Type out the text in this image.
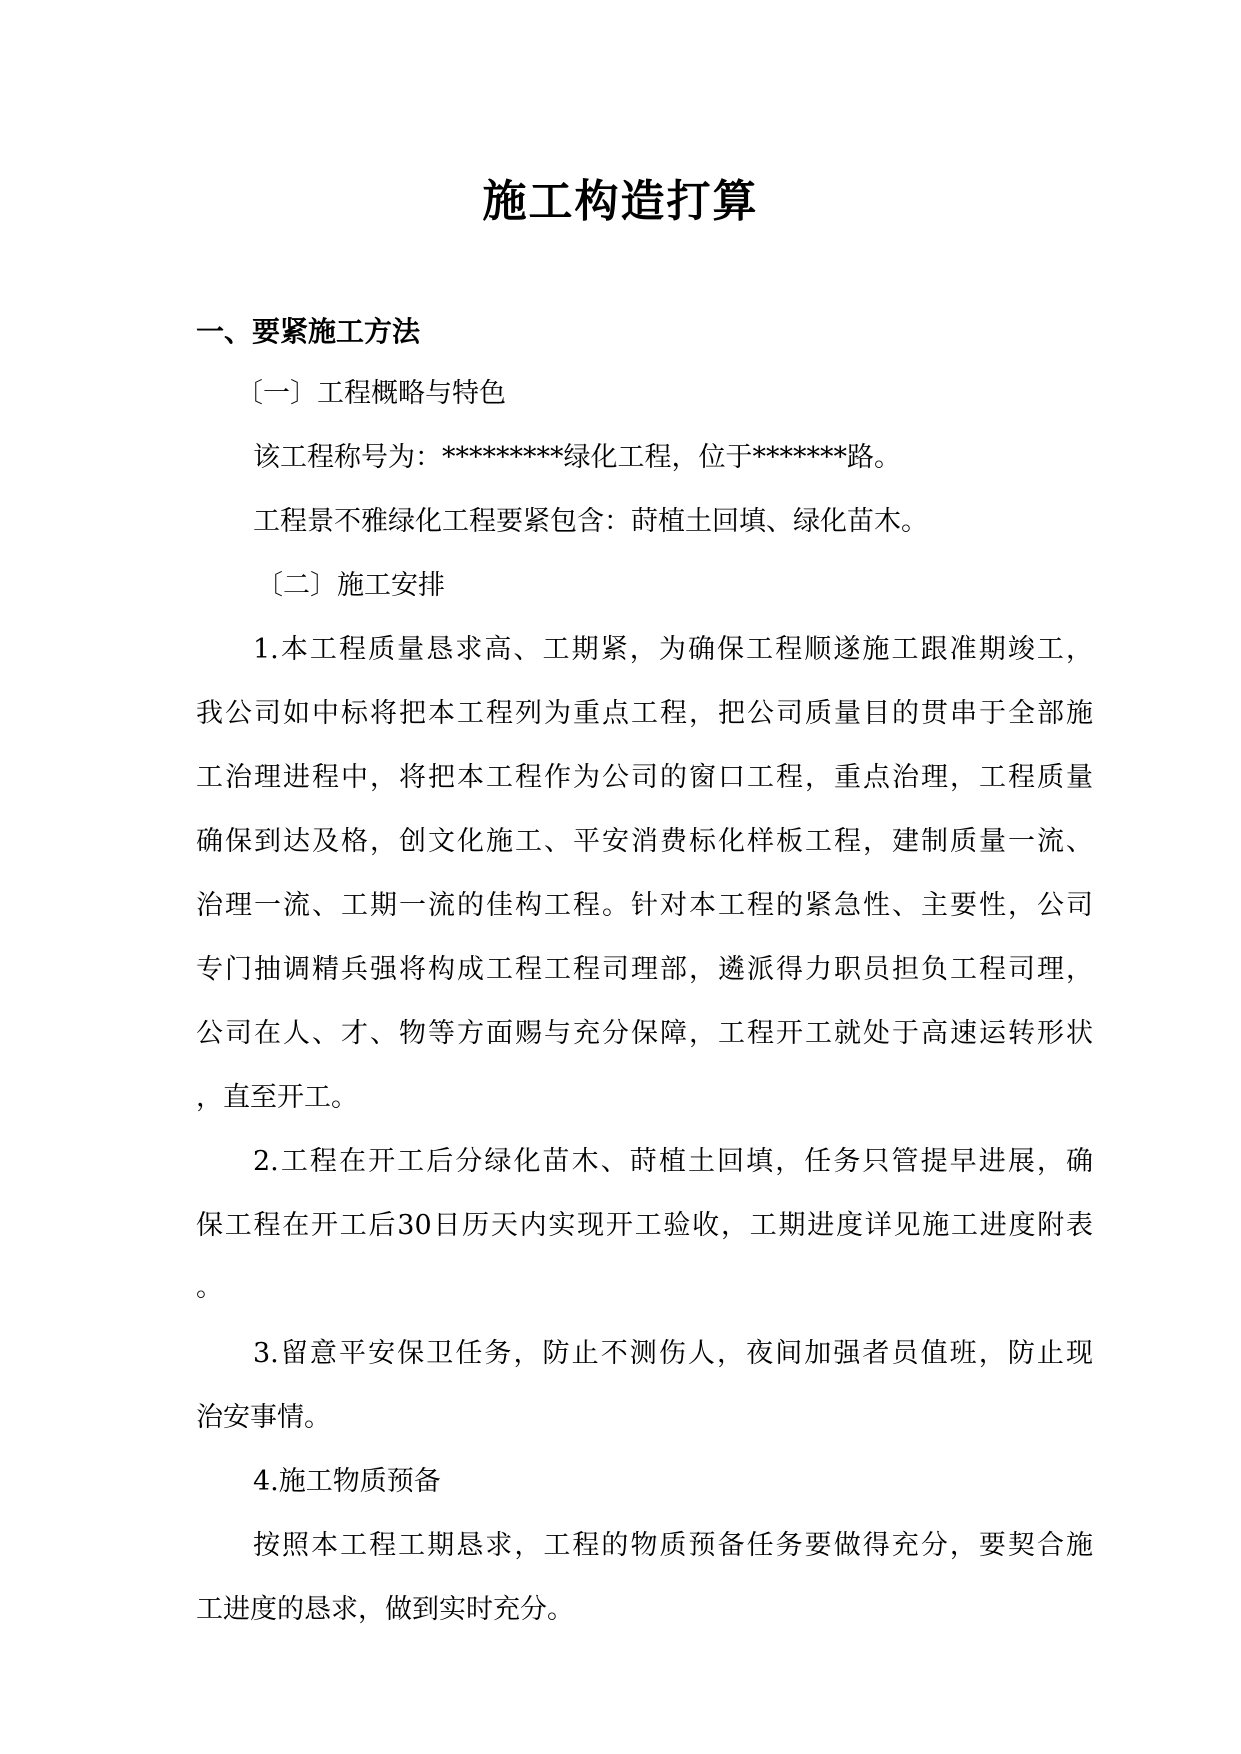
施工构造打算
一、要紧施工方法

〔一〕工程概略与特色

该工程称号为：*********绿化工程，位于*******路。

工程景不雅绿化工程要紧包含：莳植土回填、绿化苗木。

〔二〕施工安排

1.本工程质量恳求高、工期紧，为确保工程顺遂施工跟准期竣工，

我公司如中标将把本工程列为重点工程，把公司质量目的贯串于全部施

工治理进程中，将把本工程作为公司的窗口工程，重点治理，工程质量

确保到达及格，创文化施工、平安消费标化样板工程，建制质量一流、

治理一流、工期一流的佳构工程。针对本工程的紧急性、主要性，公司

专门抽调精兵强将构成工程工程司理部，遴派得力职员担负工程司理，

公司在人、才、物等方面赐与充分保障，工程开工就处于高速运转形状

，直至开工。

2.工程在开工后分绿化苗木、莳植土回填，任务只管提早进展，确

保工程在开工后30日历天内实现开工验收，工期进度详见施工进度附表

。

3.留意平安保卫任务，防止不测伤人，夜间加强者员值班，防止现

治安事情。

4.施工物质预备

按照本工程工期恳求，工程的物质预备任务要做得充分，要契合施

工进度的恳求，做到实时充分。
